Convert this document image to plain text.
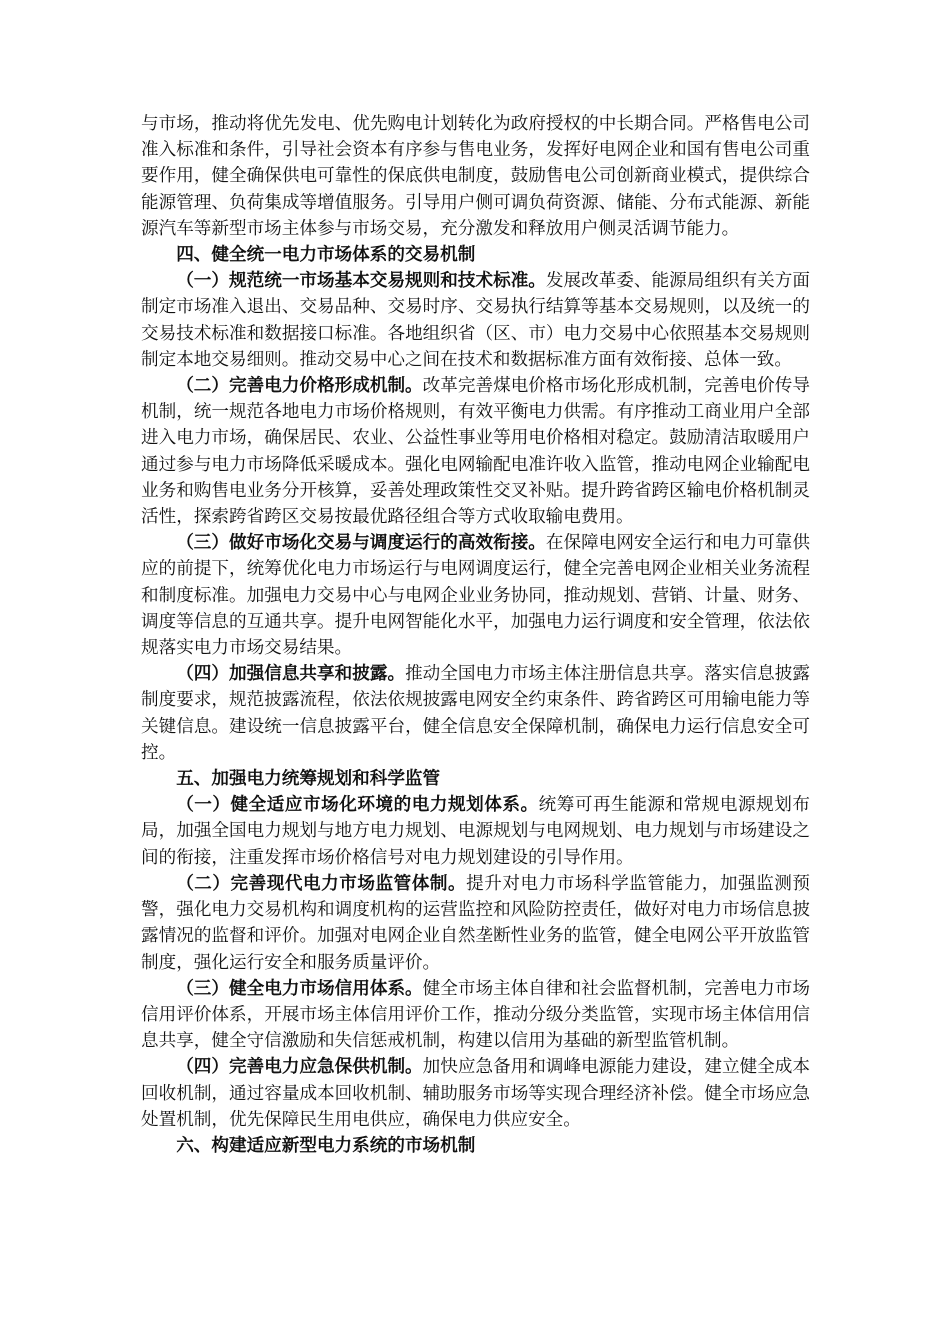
与市场，推动将优先发电、优先购电计划转化为政府授权的中长期合同。严格售电公司准入标准和条件，引导社会资本有序参与售电业务，发挥好电网企业和国有售电公司重要作用，健全确保供电可靠性的保底供电制度，鼓励售电公司创新商业模式，提供综合能源管理、负荷集成等增值服务。引导用户侧可调负荷资源、储能、分布式能源、新能源汽车等新型市场主体参与市场交易，充分激发和释放用户侧灵活调节能力。

四、健全统一电力市场体系的交易机制

（一）规范统一市场基本交易规则和技术标准。发展改革委、能源局组织有关方面制定市场准入退出、交易品种、交易时序、交易执行结算等基本交易规则，以及统一的交易技术标准和数据接口标准。各地组织省（区、市）电力交易中心依照基本交易规则制定本地交易细则。推动交易中心之间在技术和数据标准方面有效衔接、总体一致。

（二）完善电力价格形成机制。改革完善煤电价格市场化形成机制，完善电价传导机制，统一规范各地电力市场价格规则，有效平衡电力供需。有序推动工商业用户全部进入电力市场，确保居民、农业、公益性事业等用电价格相对稳定。鼓励清洁取暖用户通过参与电力市场降低采暖成本。强化电网输配电准许收入监管，推动电网企业输配电业务和购售电业务分开核算，妥善处理政策性交叉补贴。提升跨省跨区输电价格机制灵活性，探索跨省跨区交易按最优路径组合等方式收取输电费用。

（三）做好市场化交易与调度运行的高效衔接。在保障电网安全运行和电力可靠供应的前提下，统筹优化电力市场运行与电网调度运行，健全完善电网企业相关业务流程和制度标准。加强电力交易中心与电网企业业务协同，推动规划、营销、计量、财务、调度等信息的互通共享。提升电网智能化水平，加强电力运行调度和安全管理，依法依规落实电力市场交易结果。

（四）加强信息共享和披露。推动全国电力市场主体注册信息共享。落实信息披露制度要求，规范披露流程，依法依规披露电网安全约束条件、跨省跨区可用输电能力等关键信息。建设统一信息披露平台，健全信息安全保障机制，确保电力运行信息安全可控。

五、加强电力统筹规划和科学监管

（一）健全适应市场化环境的电力规划体系。统筹可再生能源和常规电源规划布局，加强全国电力规划与地方电力规划、电源规划与电网规划、电力规划与市场建设之间的衔接，注重发挥市场价格信号对电力规划建设的引导作用。

（二）完善现代电力市场监管体制。提升对电力市场科学监管能力，加强监测预警，强化电力交易机构和调度机构的运营监控和风险防控责任，做好对电力市场信息披露情况的监督和评价。加强对电网企业自然垄断性业务的监管，健全电网公平开放监管制度，强化运行安全和服务质量评价。

（三）健全电力市场信用体系。健全市场主体自律和社会监督机制，完善电力市场信用评价体系，开展市场主体信用评价工作，推动分级分类监管，实现市场主体信用信息共享，健全守信激励和失信惩戒机制，构建以信用为基础的新型监管机制。

（四）完善电力应急保供机制。加快应急备用和调峰电源能力建设，建立健全成本回收机制，通过容量成本回收机制、辅助服务市场等实现合理经济补偿。健全市场应急处置机制，优先保障民生用电供应，确保电力供应安全。

六、构建适应新型电力系统的市场机制
